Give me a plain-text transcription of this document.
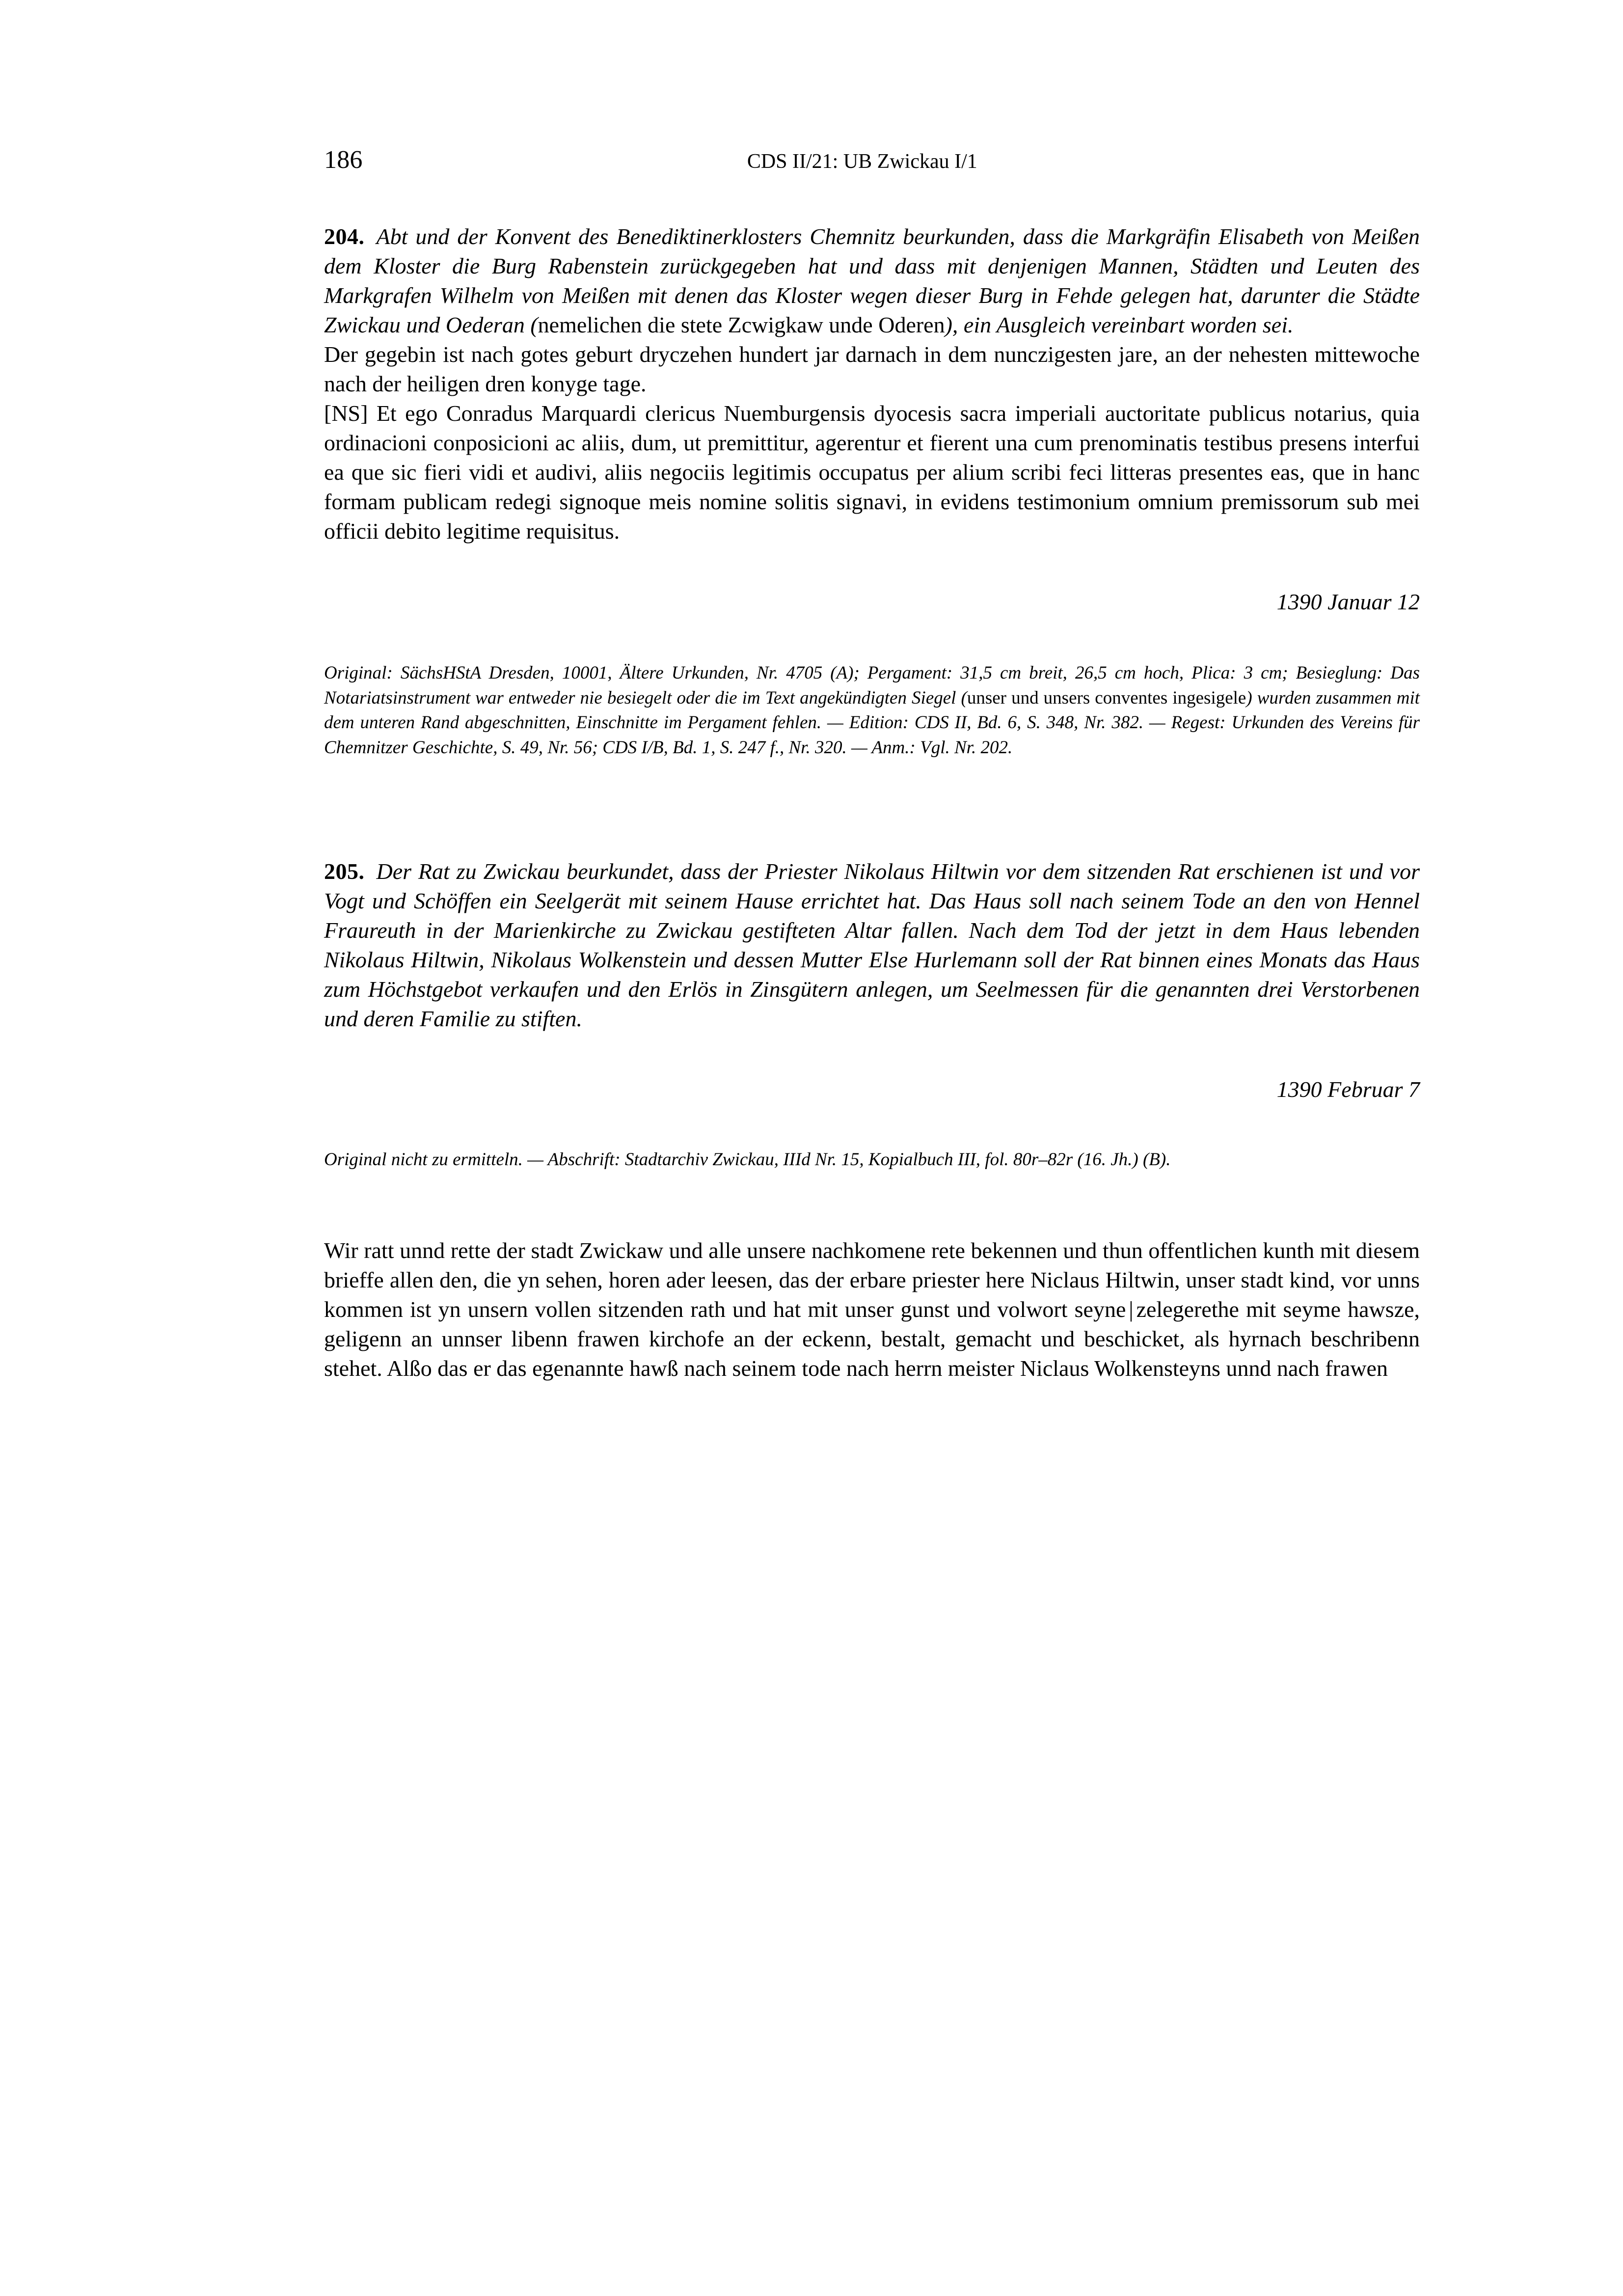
186	CDS II/21: UB Zwickau I/1

204. Abt und der Konvent des Benediktinerklosters Chemnitz beurkunden, dass die Markgräfin Elisabeth von Meißen dem Kloster die Burg Rabenstein zurückgegeben hat und dass mit denjenigen Mannen, Städten und Leuten des Markgrafen Wilhelm von Meißen mit denen das Kloster wegen dieser Burg in Fehde gelegen hat, darunter die Städte Zwickau und Oederan (nemelichen die stete Zcwigkaw unde Oderen), ein Ausgleich vereinbart worden sei.

Der gegebin ist nach gotes geburt dryczehen hundert jar darnach in dem nunczigesten jare, an der nehesten mittewoche nach der heiligen dren konyge tage.

[NS] Et ego Conradus Marquardi clericus Nuemburgensis dyocesis sacra imperiali auctoritate publicus notarius, quia ordinacioni conposicioni ac aliis, dum, ut premittitur, agerentur et fierent una cum prenominatis testibus presens interfui ea que sic fieri vidi et audivi, aliis negociis legitimis occupatus per alium scribi feci litteras presentes eas, que in hanc formam publicam redegi signoque meis nomine solitis signavi, in evidens testimonium omnium premissorum sub mei officii debito legitime requisitus.

1390 Januar 12

Original: SächsHStA Dresden, 10001, Ältere Urkunden, Nr. 4705 (A); Pergament: 31,5 cm breit, 26,5 cm hoch, Plica: 3 cm; Besieglung: Das Notariatsinstrument war entweder nie besiegelt oder die im Text angekündigten Siegel (unser und unsers conventes ingesigele) wurden zusammen mit dem unteren Rand abgeschnitten, Einschnitte im Pergament fehlen. — Edition: CDS II, Bd. 6, S. 348, Nr. 382. — Regest: Urkunden des Vereins für Chemnitzer Geschichte, S. 49, Nr. 56; CDS I/B, Bd. 1, S. 247 f., Nr. 320. — Anm.: Vgl. Nr. 202.

205. Der Rat zu Zwickau beurkundet, dass der Priester Nikolaus Hiltwin vor dem sitzenden Rat erschienen ist und vor Vogt und Schöffen ein Seelgerät mit seinem Hause errichtet hat. Das Haus soll nach seinem Tode an den von Hennel Fraureuth in der Marienkirche zu Zwickau gestifteten Altar fallen. Nach dem Tod der jetzt in dem Haus lebenden Nikolaus Hiltwin, Nikolaus Wolkenstein und dessen Mutter Else Hurlemann soll der Rat binnen eines Monats das Haus zum Höchstgebot verkaufen und den Erlös in Zinsgütern anlegen, um Seelmessen für die genannten drei Verstorbenen und deren Familie zu stiften.

1390 Februar 7

Original nicht zu ermitteln. — Abschrift: Stadtarchiv Zwickau, IIId Nr. 15, Kopialbuch III, fol. 80r–82r (16. Jh.) (B).

Wir ratt unnd rette der stadt Zwickaw und alle unsere nachkomene rete bekennen und thun offentlichen kunth mit diesem brieffe allen den, die yn sehen, horen ader leesen, das der erbare priester here Niclaus Hiltwin, unser stadt kind, vor unns kommen ist yn unsern vollen sitzenden rath und hat mit unser gunst und volwort seyne | zelegerethe mit seyme hawsze, geligenn an unnser libenn frawen kirchofe an der eckenn, bestalt, gemacht und beschicket, als hyrnach beschribenn stehet. Alßo das er das egenannte hawß nach seinem tode nach herrn meister Niclaus Wolkensteyns unnd nach frawen
